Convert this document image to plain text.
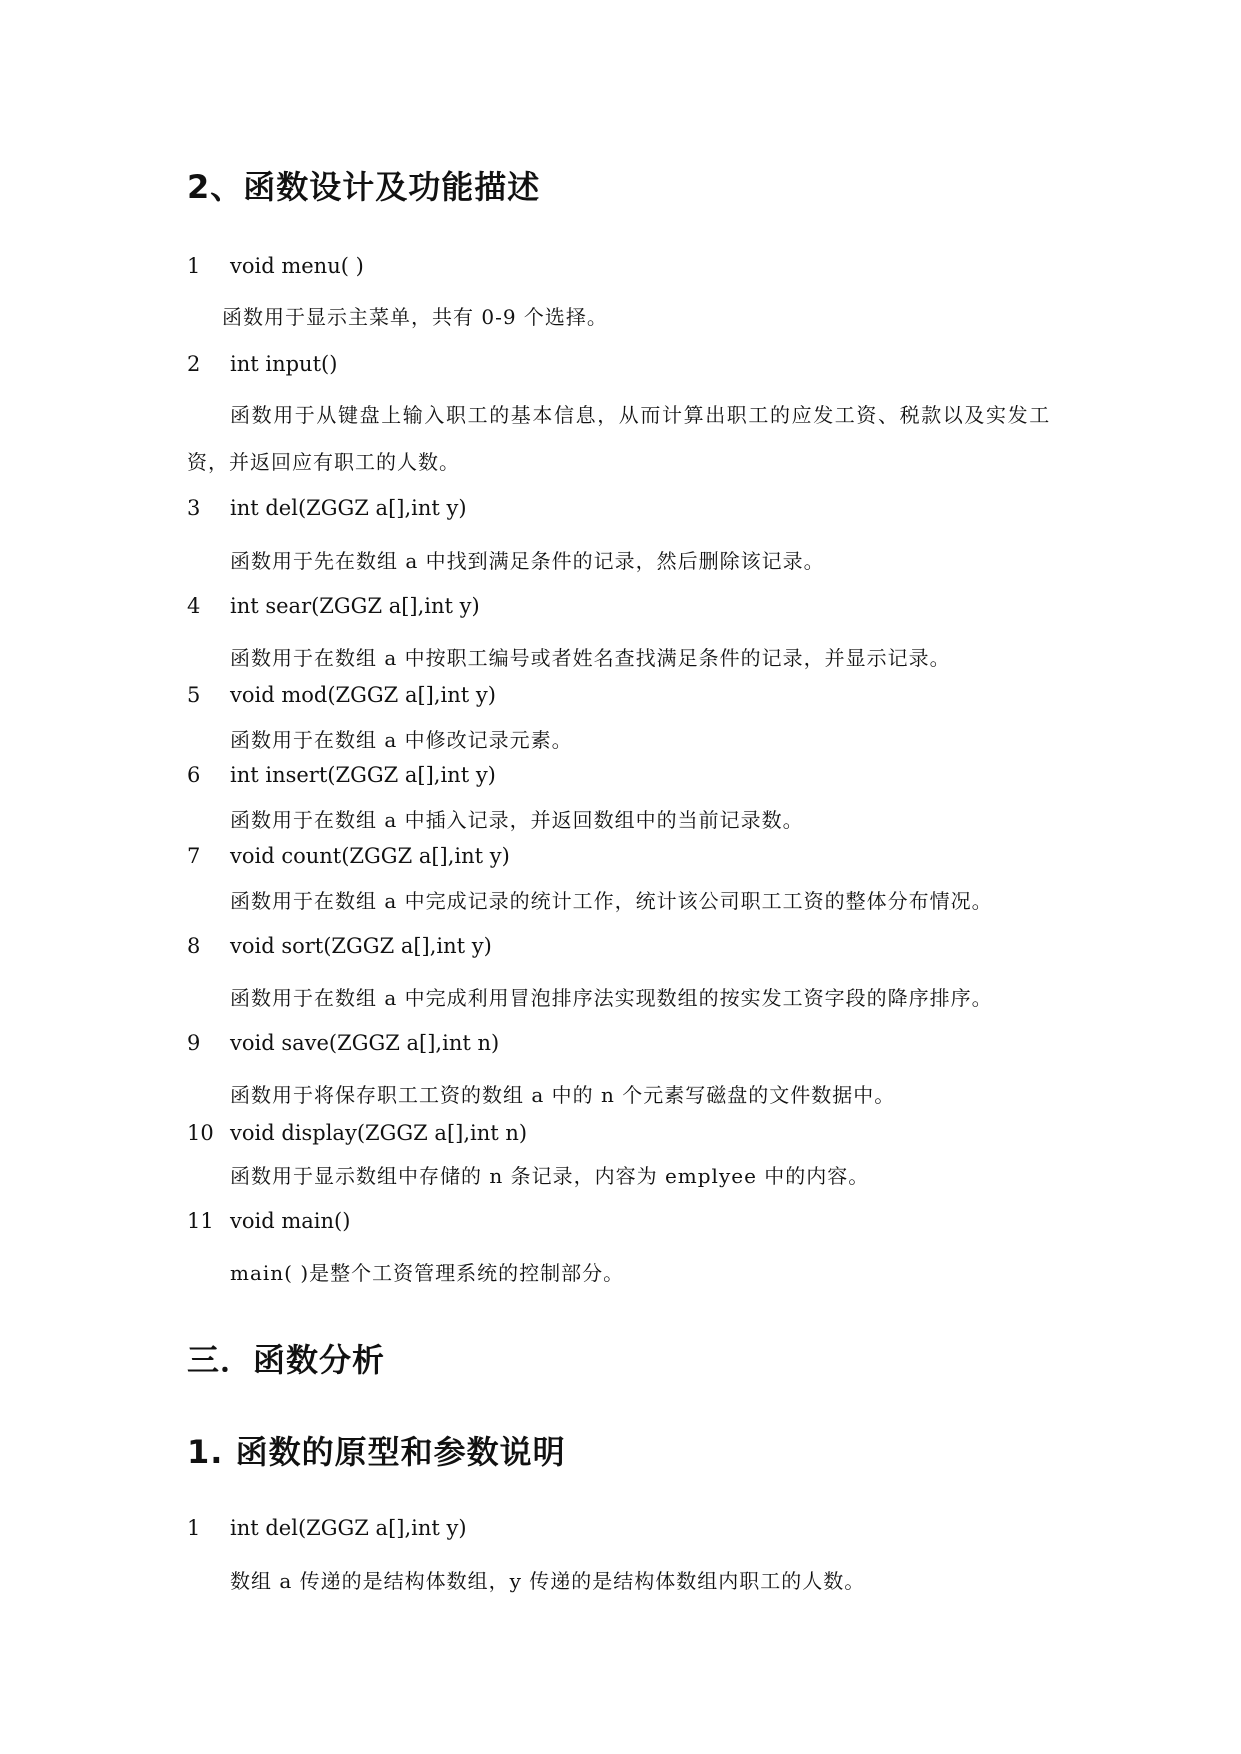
2、函数设计及功能描述
1 void menu( )
函数用于显示主菜单，共有 0-9 个选择。
2 int input()
函数用于从键盘上输入职工的基本信息，从而计算出职工的应发工资、税款以及实发工
资，并返回应有职工的人数。
3 int del(ZGGZ a[],int y)
函数用于先在数组 a 中找到满足条件的记录，然后删除该记录。
4 int sear(ZGGZ a[],int y)
函数用于在数组 a 中按职工编号或者姓名查找满足条件的记录，并显示记录。
5 void mod(ZGGZ a[],int y)
函数用于在数组 a 中修改记录元素。
6 int insert(ZGGZ a[],int y)
函数用于在数组 a 中插入记录，并返回数组中的当前记录数。
7 void count(ZGGZ a[],int y)
函数用于在数组 a 中完成记录的统计工作，统计该公司职工工资的整体分布情况。
8 void sort(ZGGZ a[],int y)
函数用于在数组 a 中完成利用冒泡排序法实现数组的按实发工资字段的降序排序。
9 void save(ZGGZ a[],int n)
函数用于将保存职工工资的数组 a 中的 n 个元素写磁盘的文件数据中。
10 void display(ZGGZ a[],int n)
函数用于显示数组中存储的 n 条记录，内容为 emplyee 中的内容。
11 void main()
main( )是整个工资管理系统的控制部分。
三．函数分析
1. 函数的原型和参数说明
1 int del(ZGGZ a[],int y)
数组 a 传递的是结构体数组，y 传递的是结构体数组内职工的人数。
